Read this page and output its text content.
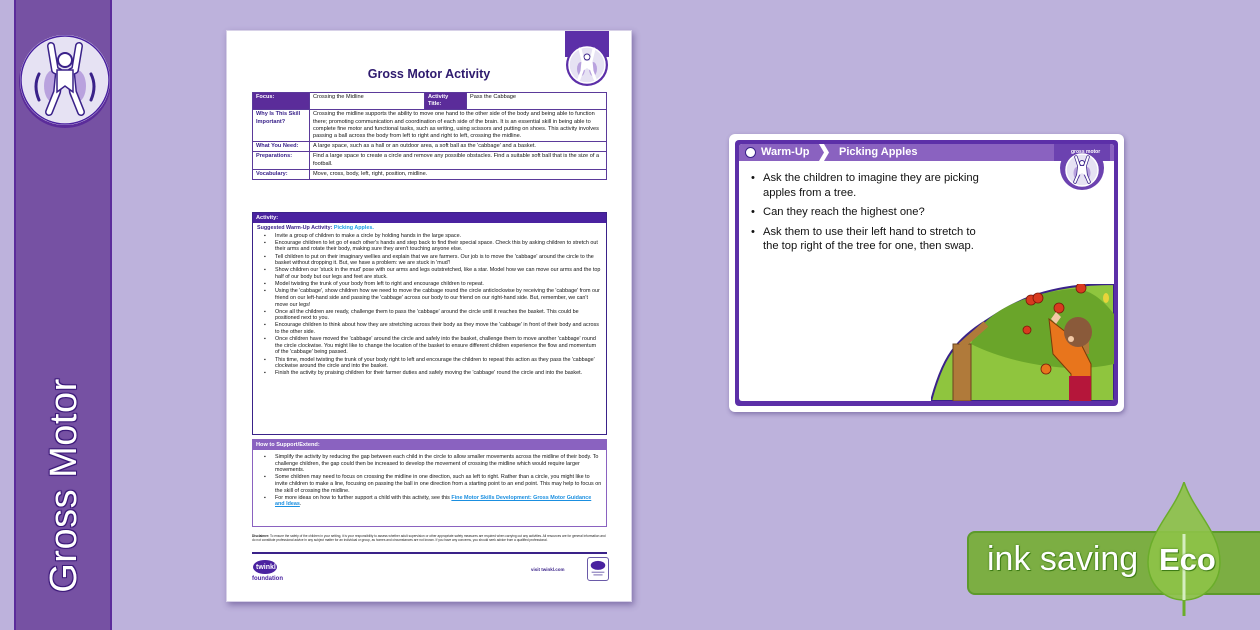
Gross Motor
Gross Motor Activity
Focus:	Crossing the Midline	Activity Title:	Pass the Cabbage
Why Is This Skill Important?	Crossing the midline supports the ability to move one hand to the other side of the body and being able to function there; promoting communication and coordination of each side of the brain. It is an essential skill in being able to complete fine motor and functional tasks, such as writing, using scissors and putting on shoes. This activity involves passing a ball across the body from left to right and right to left, crossing the midline.		
What You Need:	A large space, such as a hall or an outdoor area, a soft ball as the 'cabbage' and a basket.		
Preparations:	Find a large space to create a circle and remove any possible obstacles. Find a suitable soft ball that is the size of a football.		
Vocabulary:	Move, cross, body, left, right, position, midline.		
Activity:
Suggested Warm-Up Activity: Picking Apples.
▪ Invite a group of children to make a circle by holding hands in the large space.
▪ Encourage children to let go of each other's hands and step back to find their special space. Check this by asking children to stretch out their arms and rotate their body, making sure they aren't touching anyone else.
▪ Tell children to put on their imaginary wellies and explain that we are farmers. Our job is to move the 'cabbage' around the circle to the basket without dropping it. But, we have a problem: we are stuck in 'mud'!
▪ Show children our 'stuck in the mud' pose with our arms and legs outstretched, like a star. Model how we can move our arms and the top half of our body but our legs and feet are stuck.
▪ Model twisting the trunk of your body from left to right and encourage children to repeat.
▪ Using the 'cabbage', show children how we need to move the cabbage round the circle anticlockwise by receiving the 'cabbage' from our friend on our left-hand side and passing the 'cabbage' across our body to our friend on our right-hand side. But, remember, we can't move our legs!
▪ Once all the children are ready, challenge them to pass the 'cabbage' around the circle until it reaches the basket. This could be positioned next to you.
▪ Encourage children to think about how they are stretching across their body as they move the 'cabbage' in front of their body and across to the other side.
▪ Once children have moved the 'cabbage' around the circle and safely into the basket, challenge them to move another 'cabbage' round the circle clockwise. You might like to change the location of the basket to ensure different children experience the flow and momentum of the 'cabbage' being passed.
▪ This time, model twisting the trunk of your body right to left and encourage the children to repeat this action as they pass the 'cabbage' clockwise around the circle and into the basket.
▪ Finish the activity by praising children for their farmer duties and safely moving the 'cabbage' round the circle and into the basket.
How to Support/Extend:
▪ Simplify the activity by reducing the gap between each child in the circle to allow smaller movements across the midline of their body. To challenge children, the gap could then be increased to develop the movement of crossing the midline which would require larger movements.
▪ Some children may need to focus on crossing the midline in one direction, such as left to right. Rather than a circle, you might like to invite children to make a line, focusing on passing the ball in one direction from a starting point to an end point. This may help to focus on the skill of crossing the midline.
▪ For more ideas on how to further support a child with this activity, see this Fine Motor Skills Development: Gross Motor Guidance and Ideas.
Disclaimer: To ensure the safety of the children in your setting, it is your responsibility to assess whether adult supervision or other appropriate safety measures are required when carrying out any activities. All resources are for general information and do not constitute professional advice in any subject matter for an individual or group, as homes and circumstances are not known. If you have any concerns, you should seek advice from a qualified professional.
twinkl
foundation
visit twinkl.com
Warm-Up	Picking Apples
• Ask the children to imagine they are picking apples from a tree.
• Can they reach the highest one?
• Ask them to use their left hand to stretch to the top right of the tree for one, then swap.
gross motor
ink saving Eco
